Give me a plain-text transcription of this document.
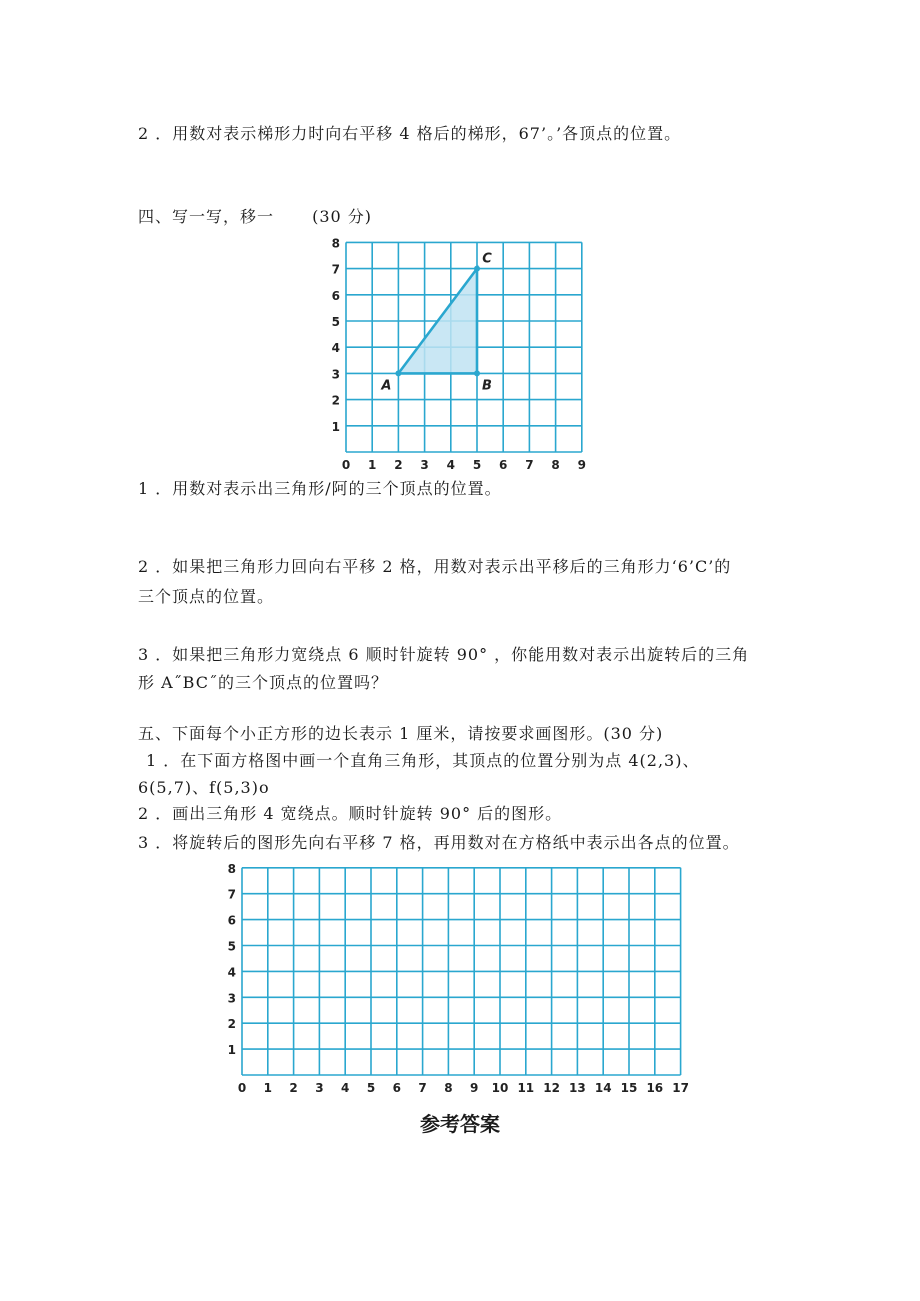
2 ．用数对表示梯形力时向右平移 4 格后的梯形，67’。’各顶点的位置。
四、写一写，移一 (30 分)
0 1 2 3 4 5 6 7 8 9
1
2
3
4
5
6
7
8
A	B
C
1 ．用数对表示出三角形/阿的三个顶点的位置。
2 ．如果把三角形力回向右平移 2 格，用数对表示出平移后的三角形力‘6’C’的
三个顶点的位置。
3 ．如果把三角形力宽绕点 6 顺时针旋转 90° ，你能用数对表示出旋转后的三角
形 A˝BC˝的三个顶点的位置吗？
五、下面每个小正方形的边长表示 1 厘米，请按要求画图形。(30 分)
1 ．在下面方格图中画一个直角三角形，其顶点的位置分别为点 4(2,3)、
6(5,7)、f(5,3)o
2 ．画出三角形 4 宽绕点。顺时针旋转 90° 后的图形。
3 ．将旋转后的图形先向右平移 7 格，再用数对在方格纸中表示出各点的位置。
0 1 2 3 4 5 6 7 8 9 10 11 12 13 14 15 16 17
1
2
3
4
5
6
7
8
参考答案
